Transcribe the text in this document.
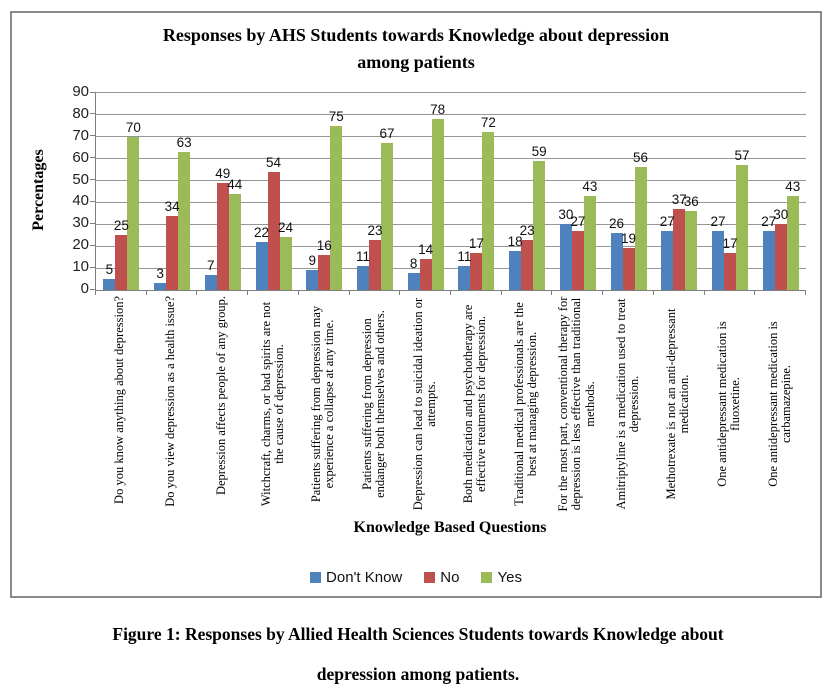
Responses by AHS Students towards Knowledge about depression
among patients
Percentages
5
25
70
3
34
63
7
49
44
22
54
24
9
16
75
11
23
67
8
14
78
11
17
72
18
23
59
30
27
43
26
19
56
27
37
36
27
17
57
27
30
43
Knowledge Based Questions
Don't Know	No	Yes
0
10
20
30
40
50
60
70
80
90
Do you know anything about depression?	Do you view depression as a health issue?	Depression affects people of any group. Witchcraft, charms, or bad spirits are not the cause of depression. Patients suffering from depression may experience a collapse at any time. Patients suffering from depression endanger both themselves and others. Depression can lead to suicidal ideation or attempts. Both medication and psychotherapy are effective treatments for depression. Traditional medical professionals are the best at managing depression. For the most part, conventional therapy for depression is less effective than traditional methods. Amitriptyline is a medication used to treat depression. Methotrexate is not an anti-depressant medication. One antidepressant medication is fluoxetine. One antidepressant medication is carbamazepine.
Figure 1: Responses by Allied Health Sciences Students towards Knowledge about
depression among patients.
